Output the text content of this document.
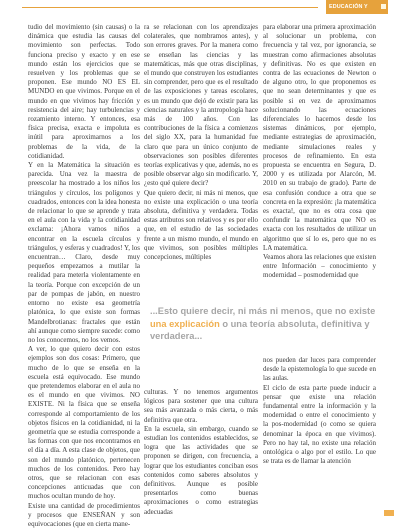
EDUCACIÓN Y CULTURA
tudio del movimiento (sin causas) o la dinámica que estudia las causas del movimiento son perfectas. Todo funciona preciso y exacto y en ese mundo están los ejercicios que se resuelven y los problemas que se proponen. Ese mundo NO ES EL MUNDO en que vivimos. Porque en el mundo en que vivimos hay fricción y resistencia del aire; hay turbulencias y rozamiento interno. Y entonces, esa física precisa, exacta e impoluta es inútil para aproximarnos a los problemas de la vida, de la cotidianidad.
Y en la Matemática la situación es parecida. Una vez la maestra de preescolar ha mostrado a los niños los triángulos y círculos, los polígonos y cuadrados, entonces con la idea honesta de relacionar lo que se aprende y trata en el aula con la vida y la cotidianidad exclama: ¡Ahora vamos niños a encontrar en la escuela círculos y triángulos, y esferas y cuadrados! Y, los encuentran… Claro, desde muy pequeños empezamos a mutilar la realidad para meterla violentamente en la teoría. Porque con excepción de un par de pompas de jabón, en nuestro entorno no existe esa geometría platónica, lo que existe son formas Mandelbrotianas: fractales que están ahí aunque como siempre sucede: como no los conocemos, no los vemos.
A ver, lo que quiero decir con estos ejemplos son dos cosas: Primero, que mucho de lo que se enseña en la escuela está equivocado. Ese mundo que pretendemos elaborar en el aula no es el mundo en que vivimos. NO EXISTE. Ni la física que se enseña corresponde al comportamiento de los objetos físicos en la cotidianidad, ni la geometría que se estudia corresponde a las formas con que nos encontramos en el día a día. A esta clase de objetos, que son del mundo platónico, pertenecen muchos de los contenidos. Pero hay otros, que se relacionan con esas concepciones anticuadas que con muchos ocultan mundo de hoy.
Existe una cantidad de procedimientos y procesos que ENSEÑAN y son equivocaciones (que en cierta mane-
ra se relacionan con los aprendizajes colaterales, que nombramos antes), y son errores graves. Por la manera como se enseñan las ciencias y las matemáticas, más que otras disciplinas, el mundo que construyen los estudiantes sin comprender, pero que es el resultado de las exposiciones y tareas escolares, es un mundo que dejó de existir para las ciencias naturales y la antropología hace más de 100 años. Con las contribuciones de la física a comienzos del siglo XX, para la humanidad fue claro que para un único conjunto de observaciones son posibles diferentes teorías explicativas y que, además, no es posible observar algo sin modificarlo. Y, ¿esto qué quiere decir?
Que quiero decir, ni más ni menos, que no existe una explicación o una teoría absoluta, definitiva y verdadera. Todas estas atributos son relativos y es por ello que, en el estudio de las sociedades frente a un mismo mundo, el mundo en que vivimos, son posibles múltiples concepciones, múltiples
para elaborar una primera aproximación al solucionar un problema, con frecuencia y tal vez, por ignorancia, se muestran como afirmaciones absolutas y definitivas. No es que existen en contra de las ecuaciones de Newton o de alguno otro, lo que proponemos es que no sean determinantes y que es posible si en vez de aproximamos solucionando las ecuaciones diferenciales lo hacemos desde los sistemas dinámicos, por ejemplo, mediante estrategias de aproximación, mediante simulaciones reales y procesos de refinamiento. En esta propuesta se encuentra en Segura, D. 2000 y es utilizada por Alarcón, M. 2010 en su trabajo de grado). Parte de esa confusión conduce a otra que se concreta en la expresión: ¡la matemática es exacta!, que no es otra cosa que confundir la matemática que NO es exacta con los resultados de utilizar un algoritmo que sí lo es, pero que no es LA matemática.
Veamos ahora las relaciones que existen entre Información – conocimiento y modernidad – posmodernidad que
...Esto quiere decir, ni más ni menos, que no existe una explicación o una teoría absoluta, definitiva y verdadera...
culturas. Y no tenemos argumentos lógicos para sostener que una cultura sea más avanzada o más cierta, o más definitiva que otra.
En la escuela, sin embargo, cuando se estudian los contenidos establecidos, se logra que las actividades que se proponen se dirigen, con frecuencia, a lograr que los estudiantes conciban esos contenidos como saberes absolutos y definitivos. Aunque es posible presentarlos como buenas aproximaciones o como estrategias adecuadas
nos pueden dar luces para comprender desde la epistemología lo que sucede en las aulas.
El ciclo de esta parte puede inducir a pensar que existe una relación fundamental entre la información y la modernidad o entre el conocimiento y la pos-modernidad (o como se quiera denominar la época en que vivimos). Pero no hay tal, no existe una relación ontológica o algo por el estilo. Lo que se trata es de llamar la atención
